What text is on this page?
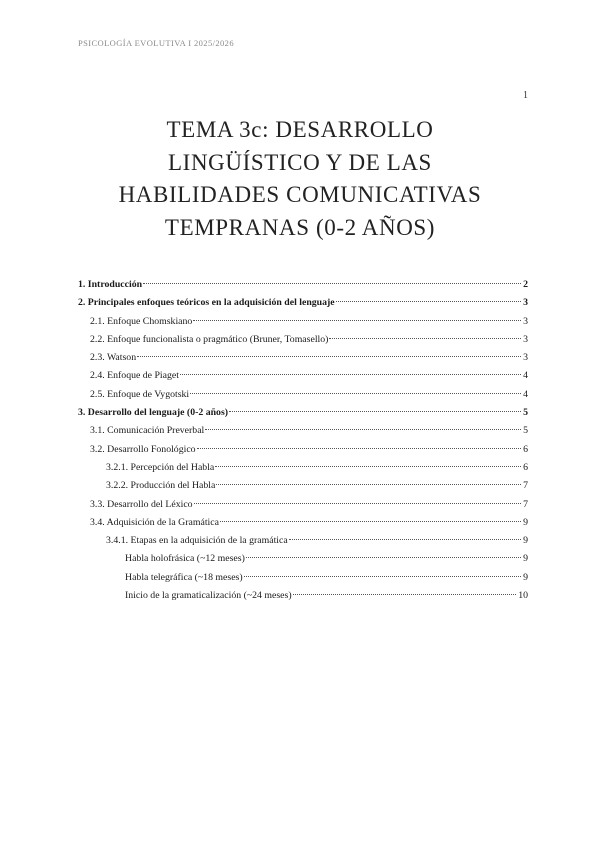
PSICOLOGÍA EVOLUTIVA I 2025/2026
1
TEMA 3c: DESARROLLO
LINGÜÍSTICO Y DE LAS
HABILIDADES COMUNICATIVAS
TEMPRANAS (0-2 AÑOS)
1. Introducción	2
2. Principales enfoques teóricos en la adquisición del lenguaje	3
2.1. Enfoque Chomskiano	3
2.2. Enfoque funcionalista o pragmático (Bruner, Tomasello)	3
2.3. Watson	3
2.4. Enfoque de Piaget	4
2.5. Enfoque de Vygotski	4
3. Desarrollo del lenguaje (0-2 años)	5
3.1. Comunicación Preverbal	5
3.2. Desarrollo Fonológico	6
3.2.1. Percepción del Habla	6
3.2.2. Producción del Habla	7
3.3. Desarrollo del Léxico	7
3.4. Adquisición de la Gramática	9
3.4.1. Etapas en la adquisición de la gramática	9
Habla holofrásica (~12 meses)	9
Habla telegráfica (~18 meses)	9
Inicio de la gramaticalización (~24 meses)	10
